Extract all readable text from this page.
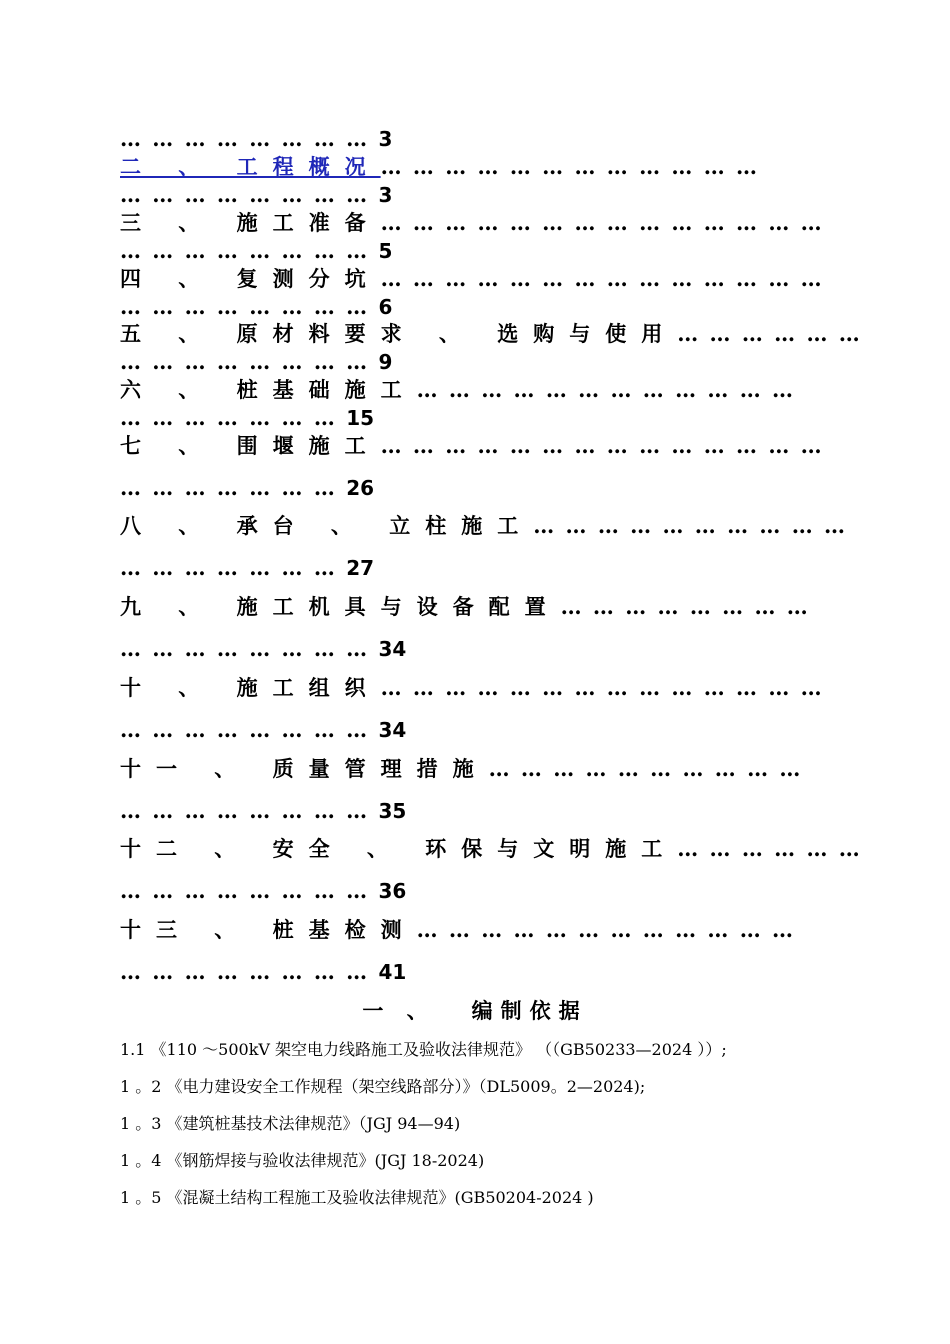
… … … … … … … … 3
二 、 工程概况… … … … … … … … … … … …
… … … … … … … … 3
三 、 施工准备… … … … … … … … … … … … … …
… … … … … … … … 5
四 、 复测分坑… … … … … … … … … … … … … …
… … … … … … … … 6
五 、 原材料要求 、 选购与使用… … … … … …
… … … … … … … … 9
六 、 桩基础施工… … … … … … … … … … … …
… … … … … … … 15
七 、 围堰施工… … … … … … … … … … … … … …
… … … … … … … 26
八 、 承台 、 立柱施工… … … … … … … … … …
… … … … … … … 27
九 、 施工机具与设备配置… … … … … … … …
… … … … … … … … 34
十 、 施工组织… … … … … … … … … … … … … …
… … … … … … … … 34
十一 、 质量管理措施… … … … … … … … … …
… … … … … … … … 35
十二 、 安全 、 环保与文明施工… … … … … …
… … … … … … … … 36
十三 、 桩基检测… … … … … … … … … … … …
… … … … … … … … 41
一 、 编制依据
1.1 《110 ～500kV 架空电力线路施工及验收法律规范》 （（GB50233—2024 ））;
1 。2 《电力建设安全工作规程（架空线路部分）》（DL5009。2—2024);
1 。3 《建筑桩基技术法律规范》（JGJ 94—94)
1 。4 《钢筋焊接与验收法律规范》(JGJ 18-2024)
1 。5 《混凝土结构工程施工及验收法律规范》(GB50204-2024 )
